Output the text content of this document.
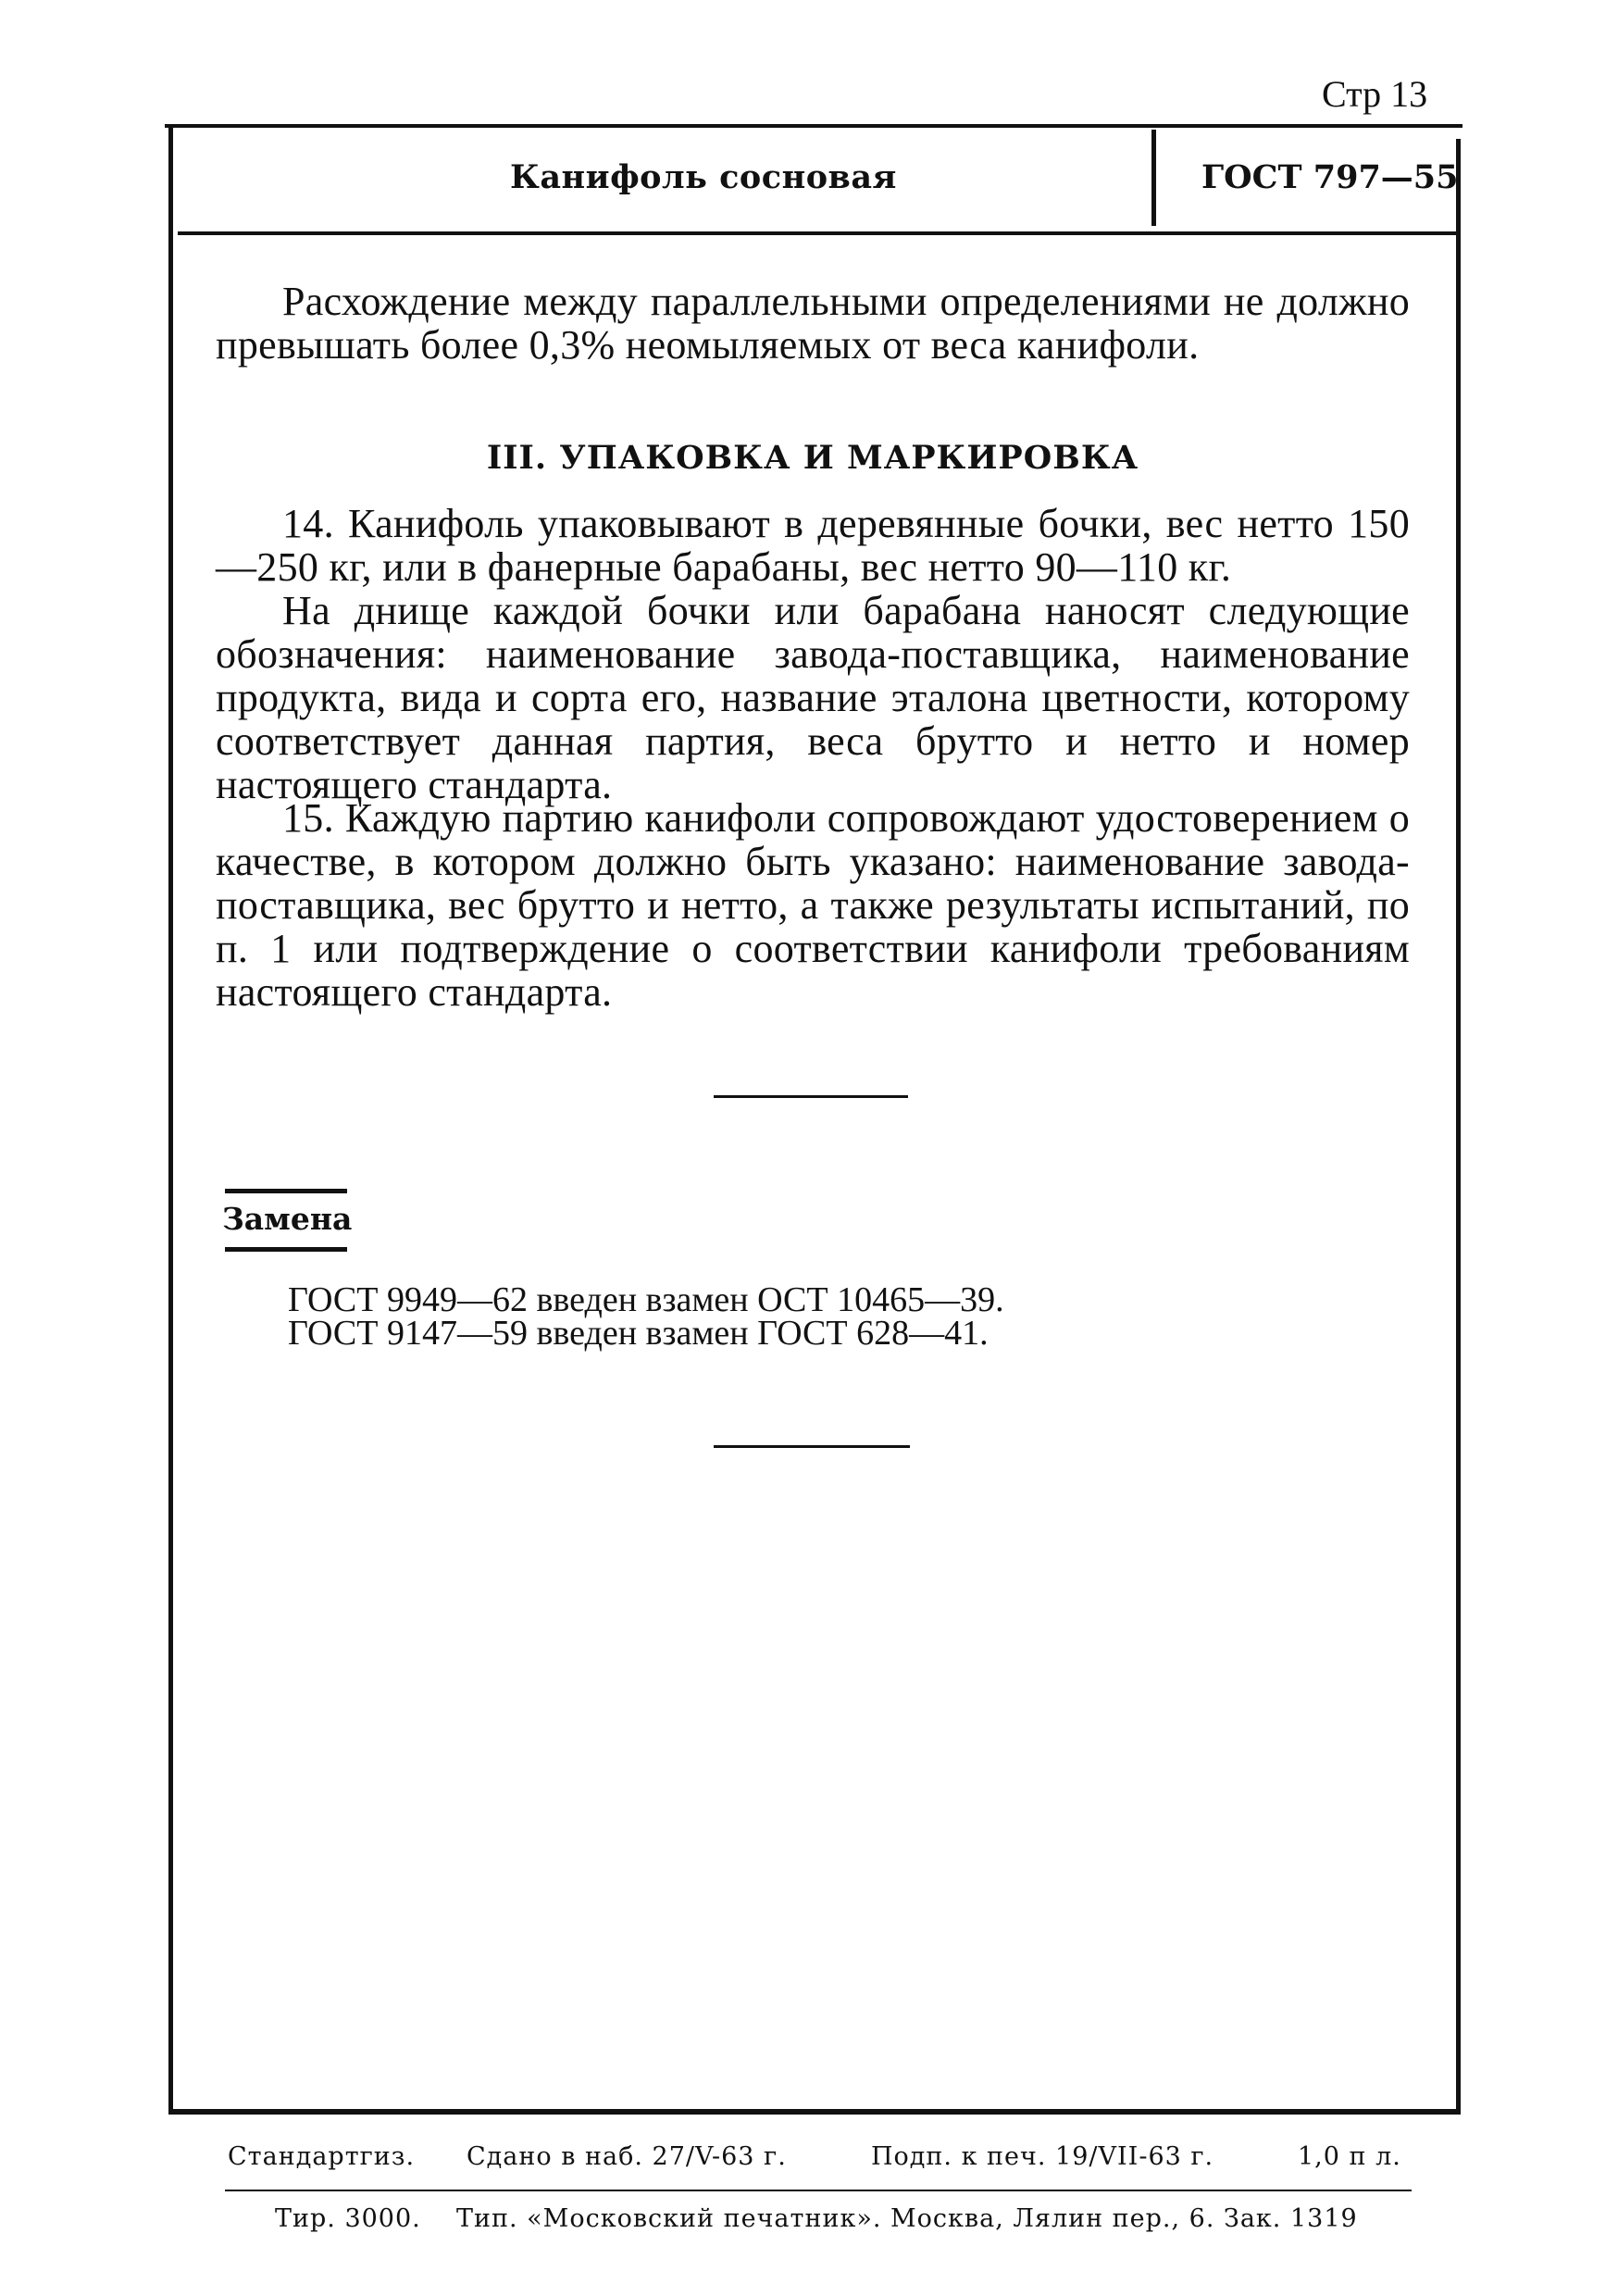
Стр 13
Канифоль сосновая	ГОСТ 797—55

Расхождение между параллельными определениями не должно превышать более 0,3% неомыляемых от веса канифоли.

III. УПАКОВКА И МАРКИРОВКА

14. Канифоль упаковывают в деревянные бочки, вес нетто 150—250 кг, или в фанерные барабаны, вес нетто 90—110 кг.

На днище каждой бочки или барабана наносят следующие обозначения: наименование завода-поставщика, наименование продукта, вида и сорта его, название эталона цветности, которому соответствует данная партия, веса брутто и нетто и номер настоящего стандарта.

15. Каждую партию канифоли сопровождают удостоверением о качестве, в котором должно быть указано: наименование завода-поставщика, вес брутто и нетто, а также результаты испытаний, по п. 1 или подтверждение о соответствии канифоли требованиям настоящего стандарта.

Замена
ГОСТ 9949—62 введен взамен ОСТ 10465—39.
ГОСТ 9147—59 введен взамен ГОСТ 628—41.
Стандартгиз. Сдано в наб. 27/V-63 г.	Подп. к печ. 19/VII-63 г.	1,0 п л.
Тир. 3000. Тип. «Московский печатник». Москва, Лялин пер., 6. Зак. 1319
